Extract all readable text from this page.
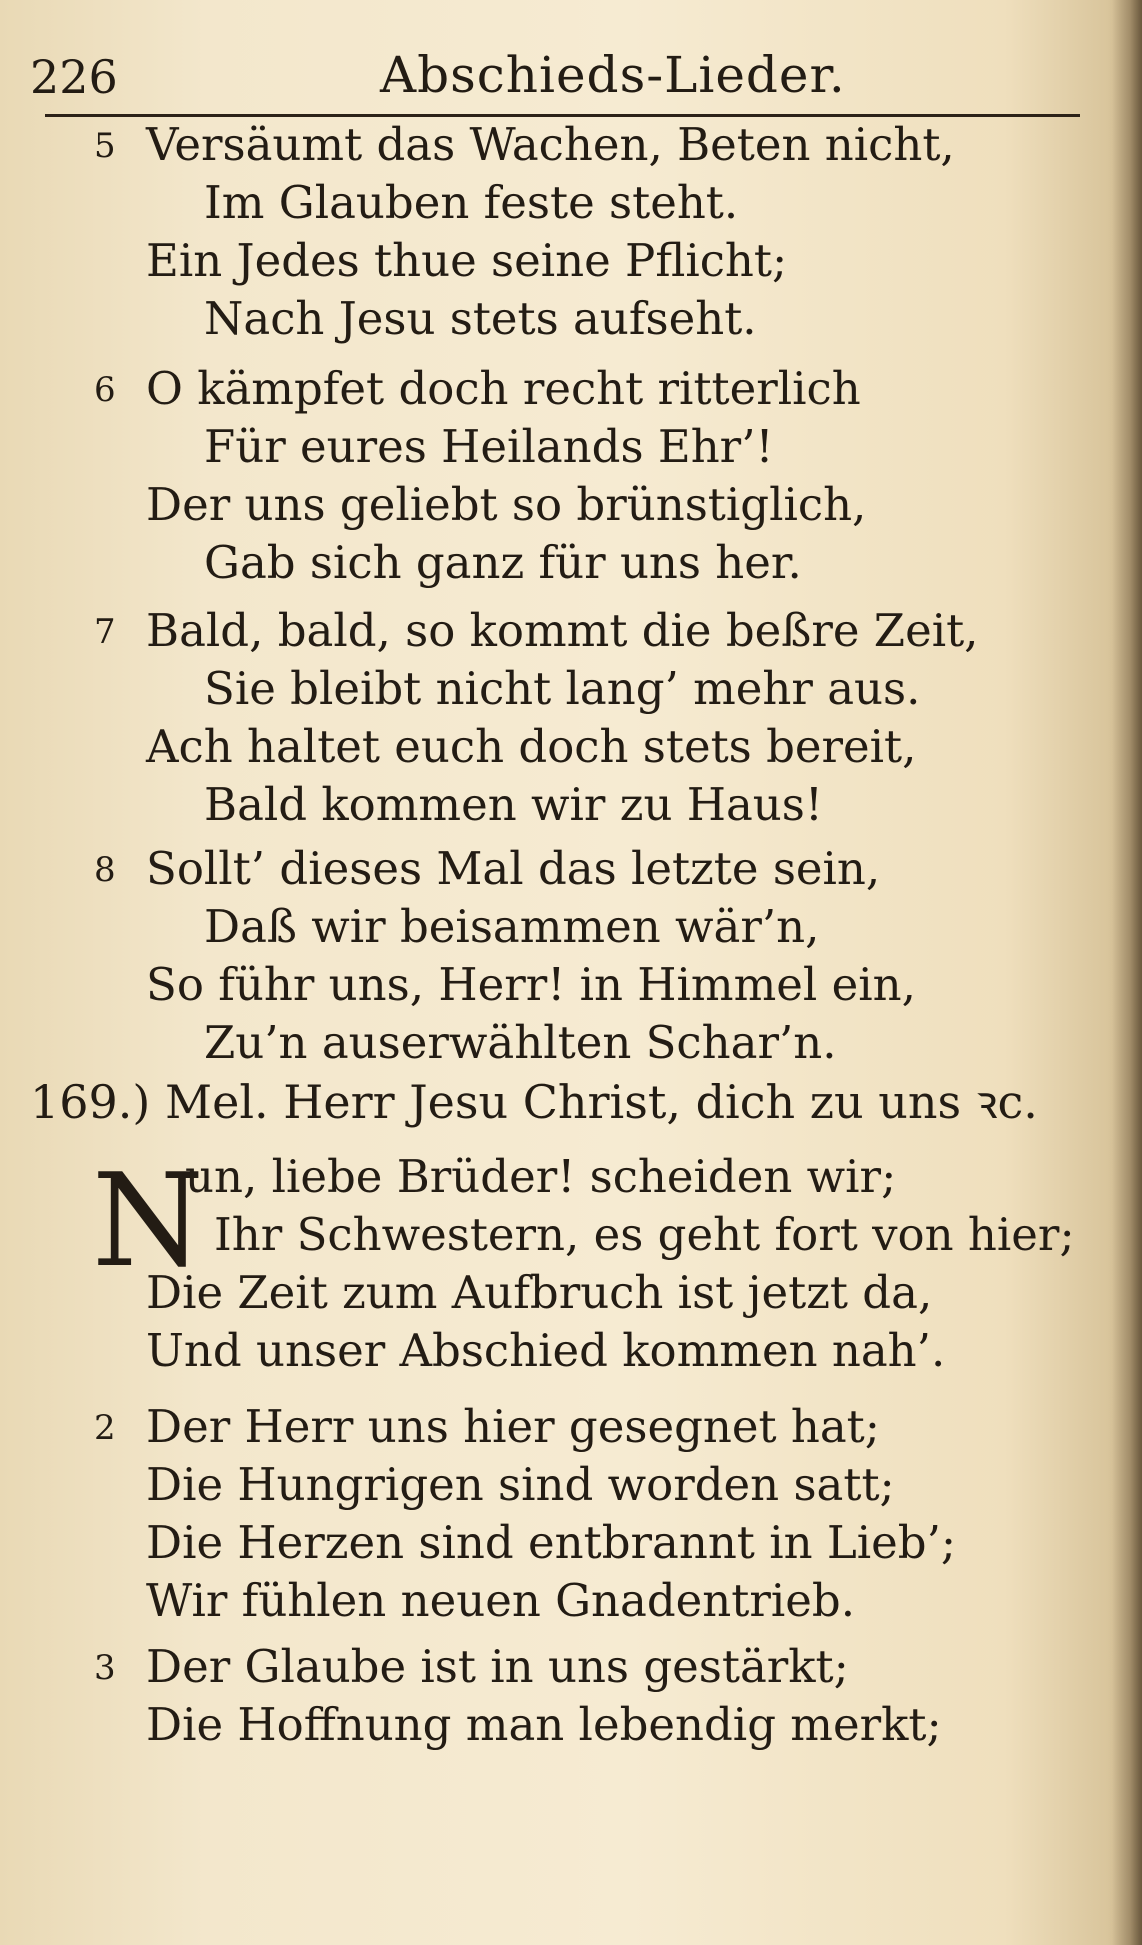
226	Abschieds-Lieder.
5 Versäumt das Wachen, Beten nicht,
Im Glauben feste steht.
Ein Jedes thue seine Pflicht;
Nach Jesu stets aufseht.
6 O kämpfet doch recht ritterlich
Für eures Heilands Ehr’!
Der uns geliebt so brünstiglich,
Gab sich ganz für uns her.
7 Bald, bald, so kommt die beßre Zeit,
Sie bleibt nicht lang’ mehr aus.
Ach haltet euch doch stets bereit,
Bald kommen wir zu Haus!
8 Sollt’ dieses Mal das letzte sein,
Daß wir beisammen wär’n,
So führ uns, Herr! in Himmel ein,
Zu’n auserwählten Schar’n.
169.) Mel. Herr Jesu Christ, dich zu uns ꝛc.
N
un, liebe Brüder! scheiden wir;
Ihr Schwestern, es geht fort von hier;
Die Zeit zum Aufbruch ist jetzt da,
Und unser Abschied kommen nah’.
2 Der Herr uns hier gesegnet hat;
Die Hungrigen sind worden satt;
Die Herzen sind entbrannt in Lieb’;
Wir fühlen neuen Gnadentrieb.
3 Der Glaube ist in uns gestärkt;
Die Hoffnung man lebendig merkt;
